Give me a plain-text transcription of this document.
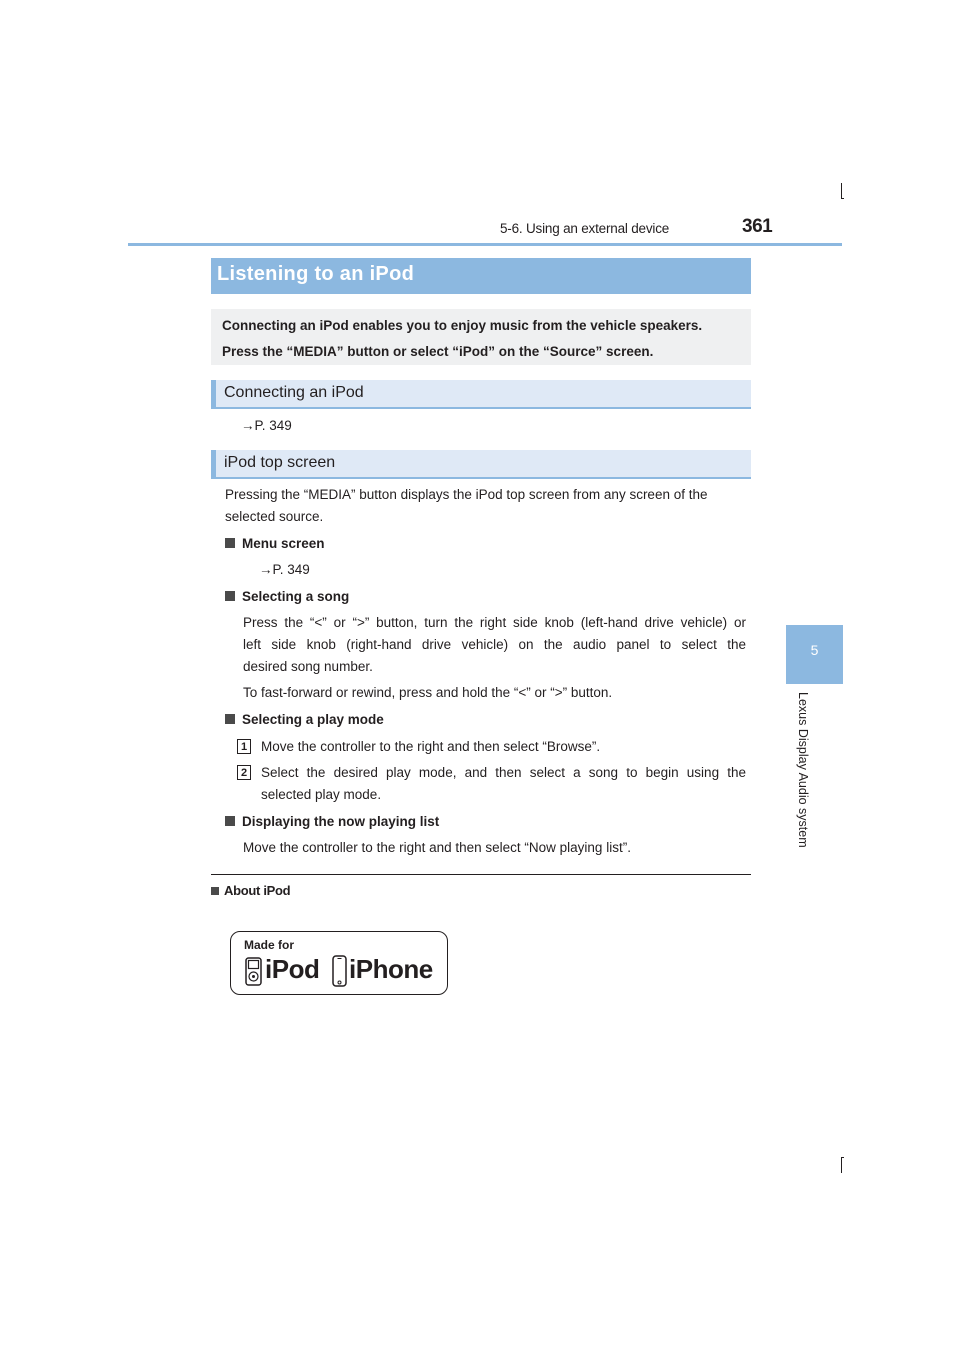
5-6. Using an external device	361
5
Lexus Display Audio system
Listening to an iPod
Connecting an iPod enables you to enjoy music from the vehicle speakers.
Press the “MEDIA” button or select “iPod” on the “Source” screen.
Connecting an iPod
→P. 349
iPod top screen
Pressing the “MEDIA” button displays the iPod top screen from any screen of the
selected source.
Menu screen
→P. 349
Selecting a song
Press the “<” or “>” button, turn the right side knob (left-hand drive vehicle) or
left side knob (right-hand drive vehicle) on the audio panel to select the
desired song number.
To fast-forward or rewind, press and hold the “<” or “>” button.
Selecting a play mode
1 Move the controller to the right and then select “Browse”.
2 Select the desired play mode, and then select a song to begin using the
selected play mode.
Displaying the now playing list
Move the controller to the right and then select “Now playing list”.
About iPod
Made for
iPod iPhone
